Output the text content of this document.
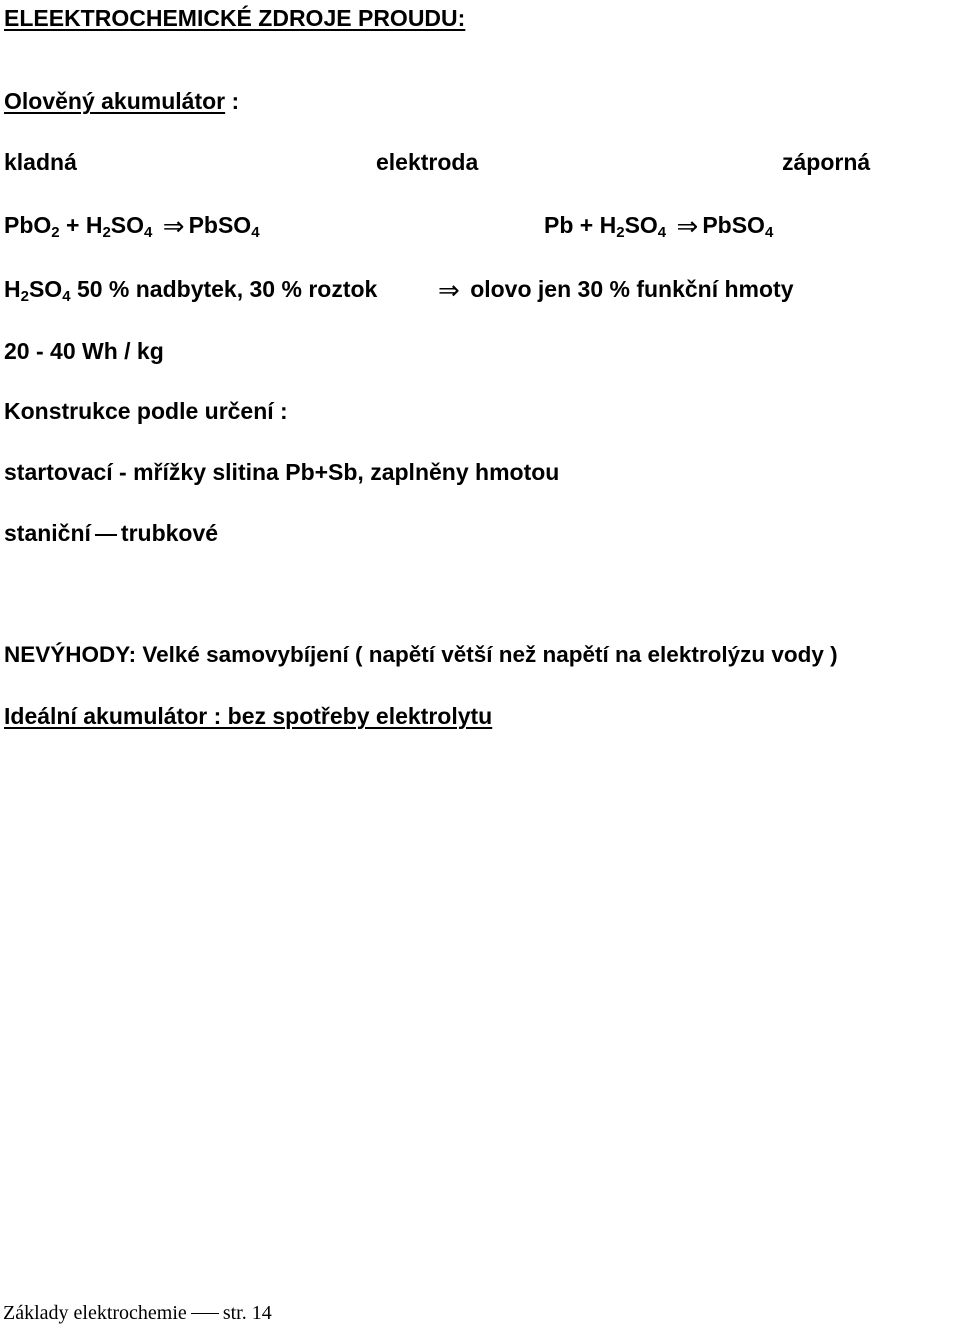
ELEEKTROCHEMICKÉ ZDROJE PROUDU:
Olověný akumulátor :
kladná	elektroda	záporná
$PbO_2 + H_2SO_4$ ⇒ PbSO$_4$	$Pb + H_2SO_4$ ⇒ PbSO$_4$
$H_2SO_4$ 50 % nadbytek, 30 % roztok ⇒ olovo jen 30 % funkční hmoty
20 - 40 Wh / kg
Konstrukce podle určení :
startovací - mřížky slitina Pb+Sb, zaplněny hmotou
staniční trubkové
NEVÝHODY: Velké samovybíjení ( napětí větší než napětí na elektrolýzu vody )
Ideální akumulátor : bez spotřeby elektrolytu
Základy elektrochemie str. 14
